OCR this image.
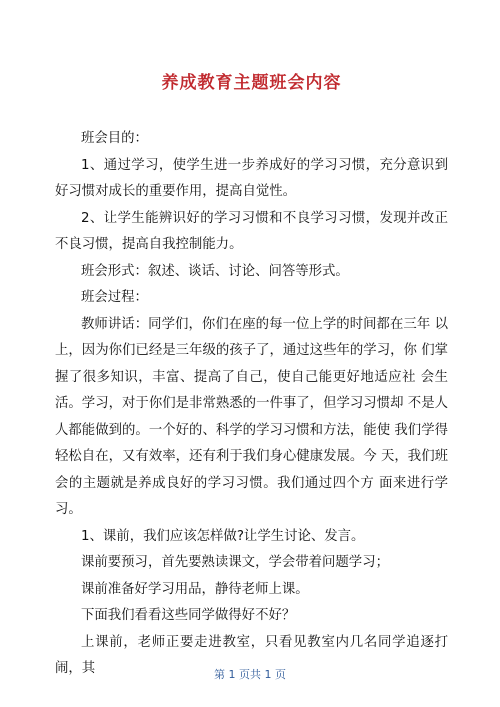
养成教育主题班会内容

班会目的：

1、通过学习，使学生进一步养成好的学习习惯，充分意识到 好习惯对成长的重要作用，提高自觉性。

2、让学生能辨识好的学习习惯和不良学习习惯，发现并改正 不良习惯，提高自我控制能力。

班会形式：叙述、谈话、讨论、问答等形式。

班会过程：

教师讲话：同学们，你们在座的每一位上学的时间都在三年 以上，因为你们已经是三年级的孩子了，通过这些年的学习，你 们掌握了很多知识，丰富、提高了自己，使自己能更好地适应社 会生活。学习，对于你们是非常熟悉的一件事了，但学习习惯却 不是人人都能做到的。一个好的、科学的学习习惯和方法，能使 我们学得轻松自在，又有效率，还有利于我们身心健康发展。今 天，我们班会的主题就是养成良好的学习习惯。我们通过四个方 面来进行学习。

1、课前，我们应该怎样做?让学生讨论、发言。

课前要预习，首先要熟读课文，学会带着问题学习；

课前准备好学习用品，静待老师上课。

下面我们看看这些同学做得好不好？

上课前，老师正要走进教室，只看见教室内几名同学追逐打 闹，其	第 1 页共 1 页
